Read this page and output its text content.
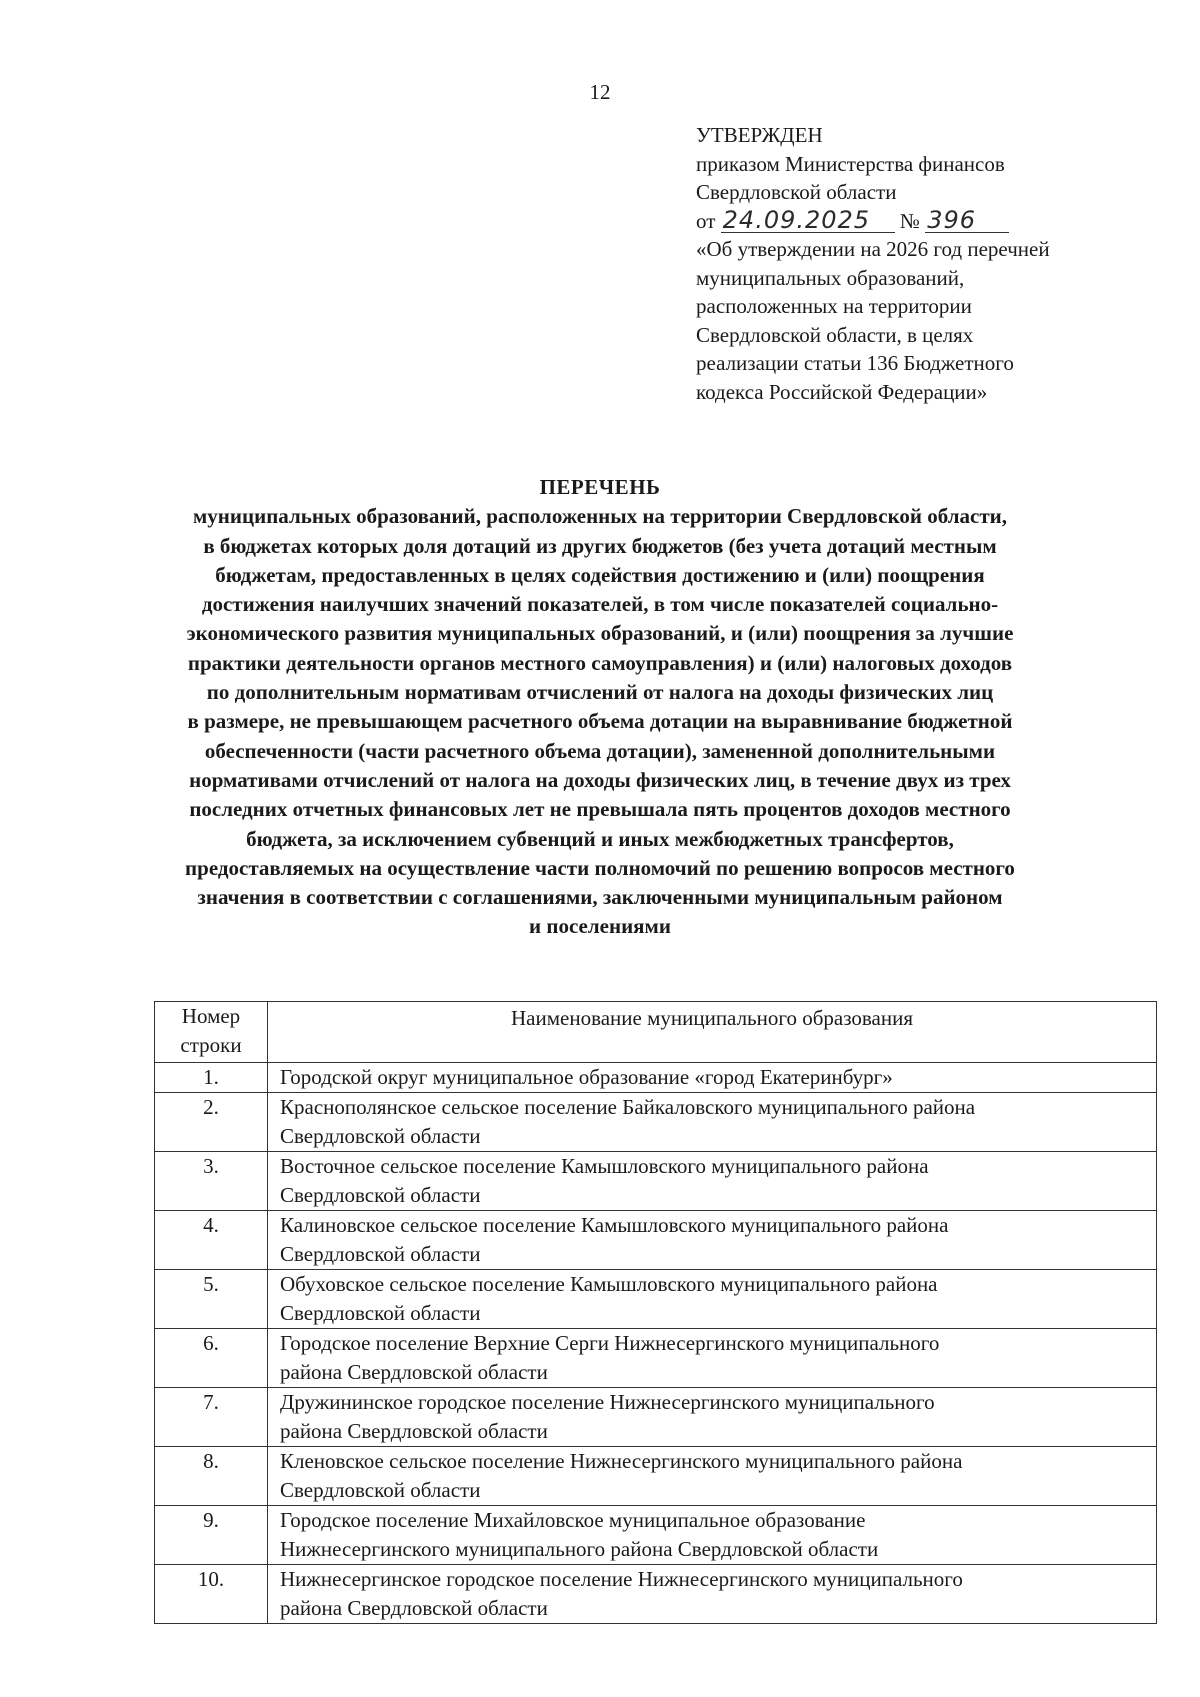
12
УТВЕРЖДЕН
приказом Министерства финансов
Свердловской области
от 24.09.2025 № 396
«Об утверждении на 2026 год перечней
муниципальных образований,
расположенных на территории
Свердловской области, в целях
реализации статьи 136 Бюджетного
кодекса Российской Федерации»
ПЕРЕЧЕНЬ
муниципальных образований, расположенных на территории Свердловской области,
в бюджетах которых доля дотаций из других бюджетов (без учета дотаций местным
бюджетам, предоставленных в целях содействия достижению и (или) поощрения
достижения наилучших значений показателей, в том числе показателей социально-
экономического развития муниципальных образований, и (или) поощрения за лучшие
практики деятельности органов местного самоуправления) и (или) налоговых доходов
по дополнительным нормативам отчислений от налога на доходы физических лиц
в размере, не превышающем расчетного объема дотации на выравнивание бюджетной
обеспеченности (части расчетного объема дотации), замененной дополнительными
нормативами отчислений от налога на доходы физических лиц, в течение двух из трех
последних отчетных финансовых лет не превышала пять процентов доходов местного
бюджета, за исключением субвенций и иных межбюджетных трансфертов,
предоставляемых на осуществление части полномочий по решению вопросов местного
значения в соответствии с соглашениями, заключенными муниципальным районом
и поселениями
Номер
строки	Наименование муниципального образования
1.	Городской округ муниципальное образование «город Екатеринбург»

2.	Краснополянское сельское поселение Байкаловского муниципального района
Свердловской области

3.	Восточное сельское поселение Камышловского муниципального района
Свердловской области

4.	Калиновское сельское поселение Камышловского муниципального района
Свердловской области

5.	Обуховское сельское поселение Камышловского муниципального района
Свердловской области

6.	Городское поселение Верхние Серги Нижнесергинского муниципального
района Свердловской области

7.	Дружининское городское поселение Нижнесергинского муниципального
района Свердловской области

8.	Кленовское сельское поселение Нижнесергинского муниципального района
Свердловской области

9.	Городское поселение Михайловское муниципальное образование
Нижнесергинского муниципального района Свердловской области

10.	Нижнесергинское городское поселение Нижнесергинского муниципального
района Свердловской области
